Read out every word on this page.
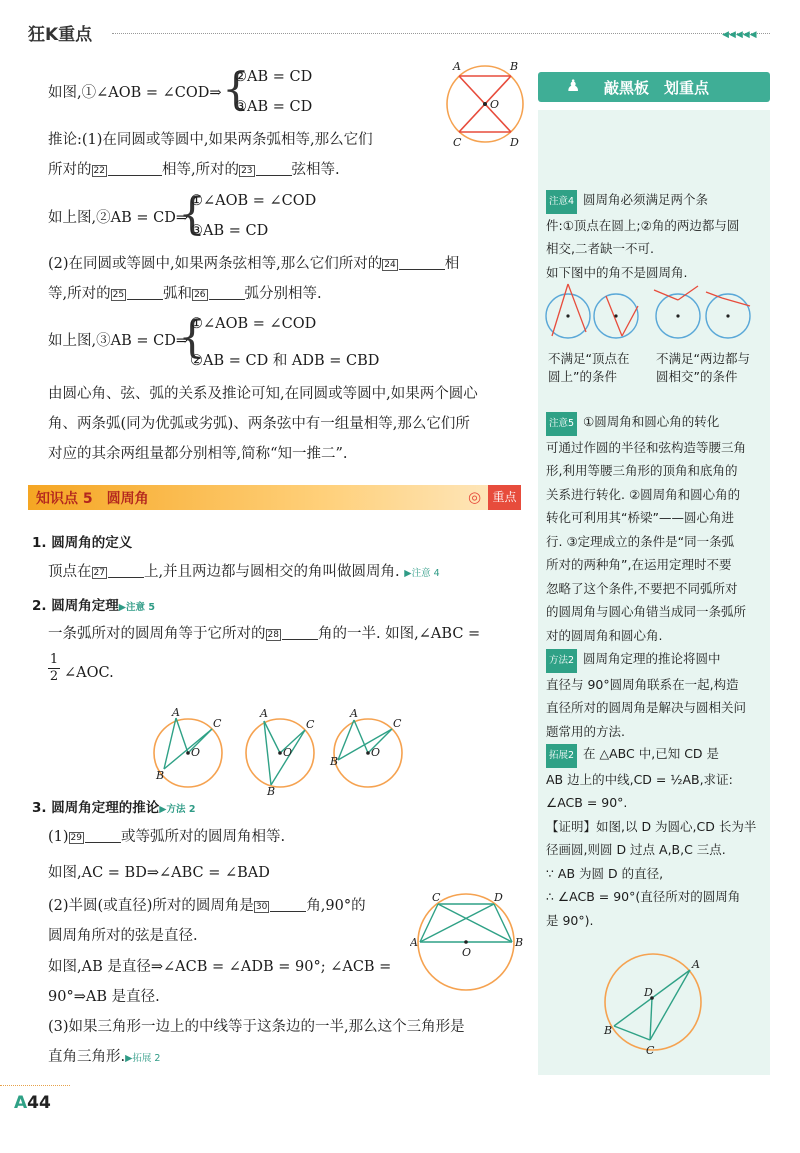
狂K重点	◀◀◀◀◀
如图,①∠AOB = ∠COD⇒ {
②AB = CD
③AB = CD
A	B
C	D
O
推论:(1)在同圆或等圆中,如果两条弧相等,那么它们
所对的 22	相等,所对的 23	弦相等.
如上图,②AB = CD⇒
{
①∠AOB = ∠COD
③AB = CD
(2)在同圆或等圆中,如果两条弦相等,那么它们所对的 24	相
等,所对的 25	弧和 26	弧分别相等.
如上图,③AB = CD⇒
{
①∠AOB = ∠COD
②AB = CD 和 ADB = CBD
由圆心角、弦、弧的关系及推论可知,在同圆或等圆中,如果两个圆心
角、两条弧(同为优弧或劣弧)、两条弦中有一组量相等,那么它们所
对应的其余两组量都分别相等,简称“知一推二”.
知识点 5　圆周角	◎ 重点
1. 圆周角的定义
顶点在 27	上,并且两边都与圆相交的角叫做圆周角. ▶注意 4
2. 圆周角定理▶注意 5
一条弧所对的圆周角等于它所对的 28	角的一半. 如图,∠ABC =
1
2 ∠AOC.
A
C
B
O
A
C
B
O
A
C
B
O
3. 圆周角定理的推论▶方法 2
(1) 29	或等弧所对的圆周角相等.
如图,AC = BD⇒∠ABC = ∠BAD
(2)半圆(或直径)所对的圆周角是 30	角,90°的
圆周角所对的弦是直径.
如图,AB 是直径⇒∠ACB = ∠ADB = 90°; ∠ACB =
90°⇒AB 是直径.
(3)如果三角形一边上的中线等于这条边的一半,那么这个三角形是
直角三角形.▶拓展 2
C	D
A	B
O
A44
♟ 敲黑板　划重点
注意4 圆周角必须满足两个条
件:①顶点在圆上;②角的两边都与圆
相交,二者缺一不可.
如下图中的角不是圆周角.
不满足“顶点在
圆上”的条件
不满足“两边都与
圆相交”的条件
注意5 ①圆周角和圆心角的转化
可通过作圆的半径和弦构造等腰三角
形,利用等腰三角形的顶角和底角的
关系进行转化. ②圆周角和圆心角的
转化可利用其“桥梁”——圆心角进
行. ③定理成立的条件是“同一条弧
所对的两种角”,在运用定理时不要
忽略了这个条件,不要把不同弧所对
的圆周角与圆心角错当成同一条弧所
对的圆周角和圆心角.
方法2 圆周角定理的推论将圆中
直径与 90°圆周角联系在一起,构造
直径所对的圆周角是解决与圆相关问
题常用的方法.
拓展2 在 △ABC 中,已知 CD 是
AB 边上的中线,CD = ½AB,求证:
∠ACB = 90°.
【证明】如图,以 D 为圆心,CD 长为半
径画圆,则圆 D 过点 A,B,C 三点.
∵ AB 为圆 D 的直径,
∴ ∠ACB = 90°(直径所对的圆周角
是 90°).
A
B
C
D
